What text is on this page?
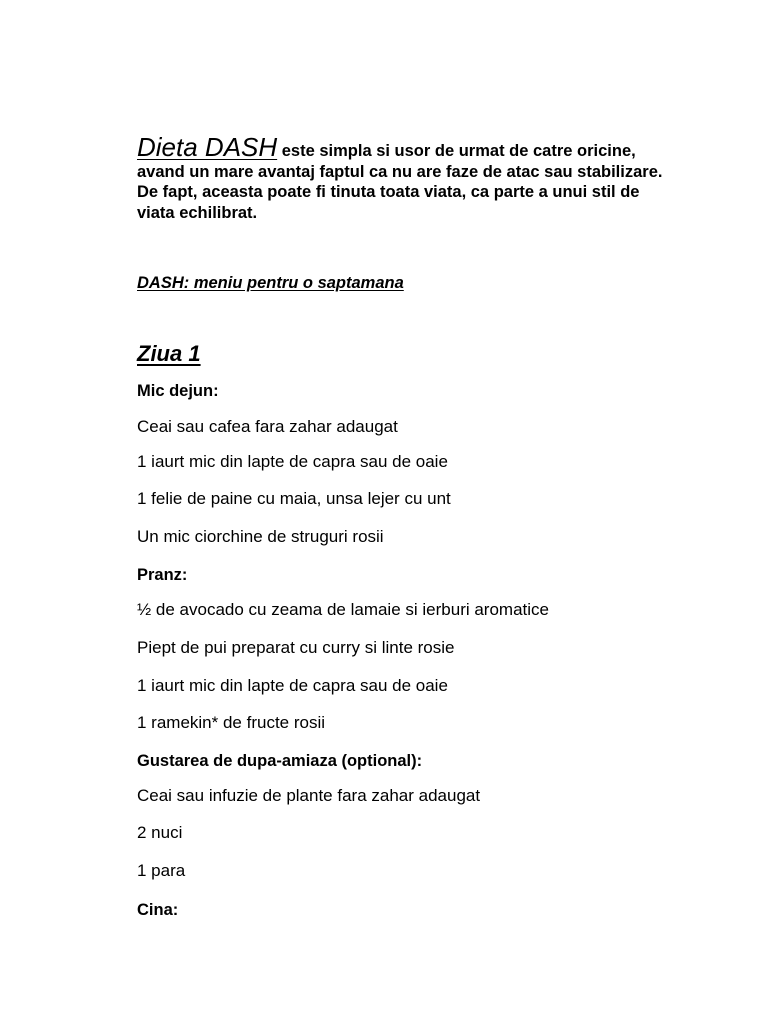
Dieta DASH este simpla si usor de urmat de catre oricine, avand un mare avantaj faptul ca nu are faze de atac sau stabilizare. De fapt, aceasta poate fi tinuta toata viata, ca parte a unui stil de viata echilibrat.
DASH: meniu pentru o saptamana
Ziua 1
Mic dejun:
Ceai sau cafea fara zahar adaugat
1 iaurt mic din lapte de capra sau de oaie
1 felie de paine cu maia, unsa lejer cu unt
Un mic ciorchine de struguri rosii
Pranz:
½ de avocado cu zeama de lamaie si ierburi aromatice
Piept de pui preparat cu curry si linte rosie
1 iaurt mic din lapte de capra sau de oaie
1 ramekin* de fructe rosii
Gustarea de dupa-amiaza (optional):
Ceai sau infuzie de plante fara zahar adaugat
2 nuci
1 para
Cina:
